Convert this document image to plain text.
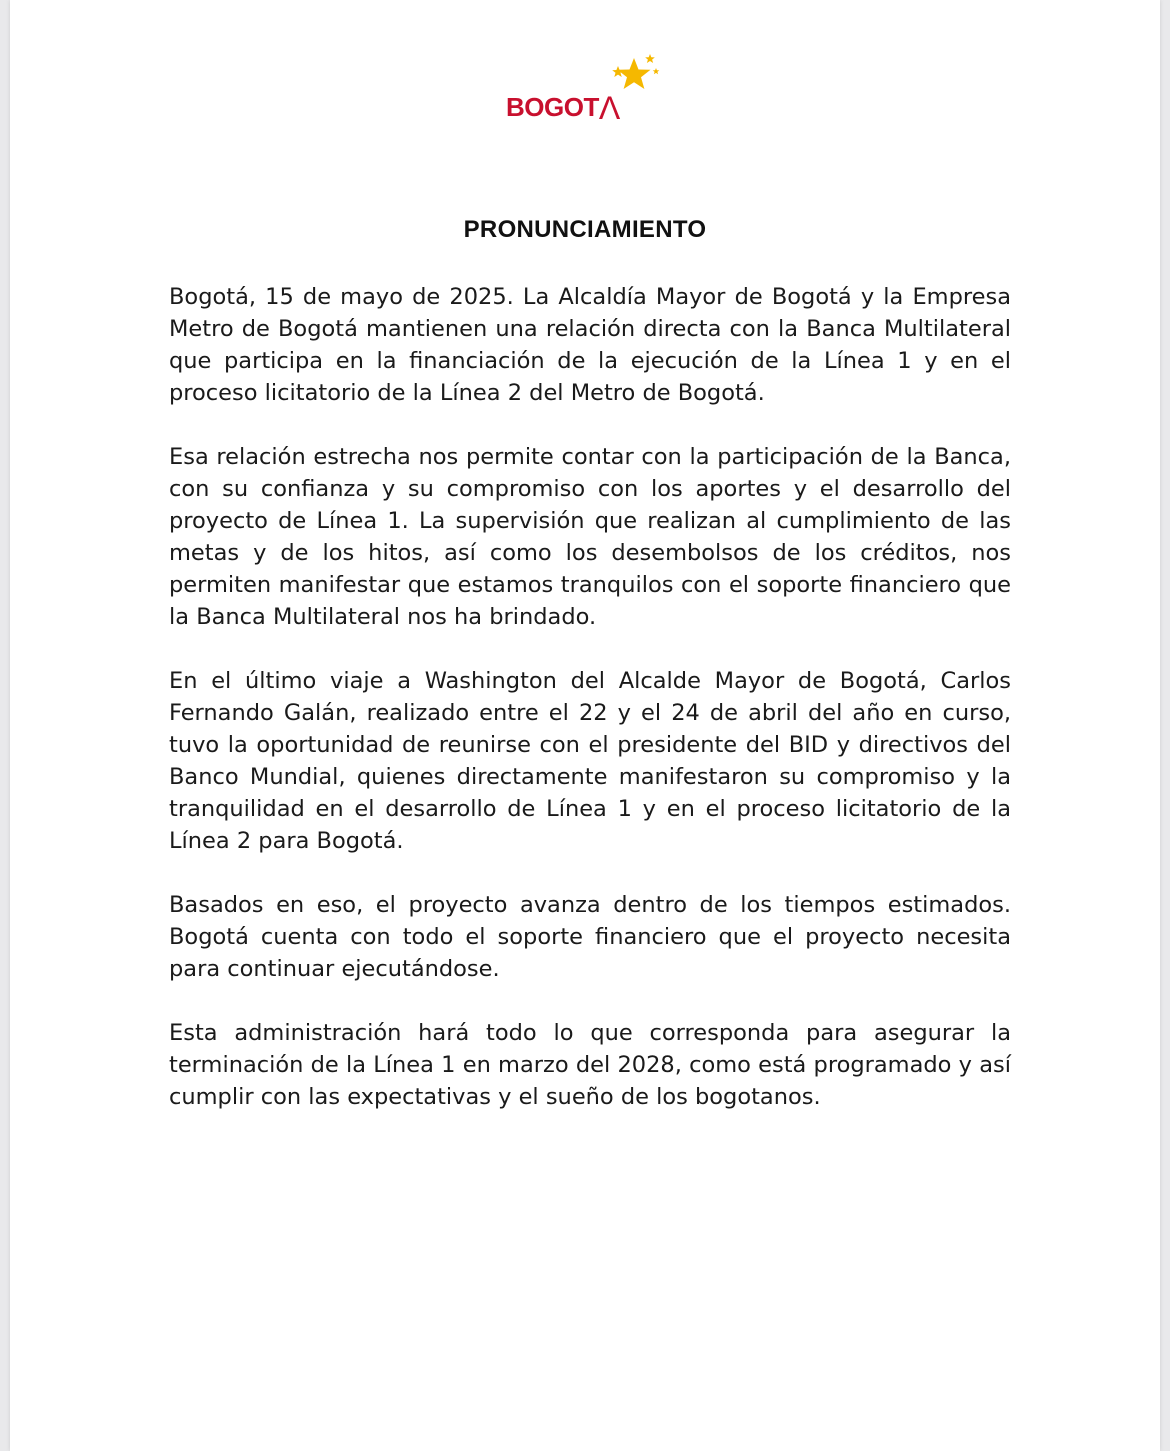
BOGOTΛ
PRONUNCIAMIENTO

Bogotá, 15 de mayo de 2025. La Alcaldía Mayor de Bogotá y la Empresa Metro de Bogotá mantienen una relación directa con la Banca Multilateral que participa en la financiación de la ejecución de la Línea 1 y en el proceso licitatorio de la Línea 2 del Metro de Bogotá.

Esa relación estrecha nos permite contar con la participación de la Banca, con su confianza y su compromiso con los aportes y el desarrollo del proyecto de Línea 1. La supervisión que realizan al cumplimiento de las metas y de los hitos, así como los desembolsos de los créditos, nos permiten manifestar que estamos tranquilos con el soporte financiero que la Banca Multilateral nos ha brindado.

En el último viaje a Washington del Alcalde Mayor de Bogotá, Carlos Fernando Galán, realizado entre el 22 y el 24 de abril del año en curso, tuvo la oportunidad de reunirse con el presidente del BID y directivos del Banco Mundial, quienes directamente manifestaron su compromiso y la tranquilidad en el desarrollo de Línea 1 y en el proceso licitatorio de la Línea 2 para Bogotá.

Basados en eso, el proyecto avanza dentro de los tiempos estimados. Bogotá cuenta con todo el soporte financiero que el proyecto necesita para continuar ejecutándose.

Esta administración hará todo lo que corresponda para asegurar la terminación de la Línea 1 en marzo del 2028, como está programado y así cumplir con las expectativas y el sueño de los bogotanos.
